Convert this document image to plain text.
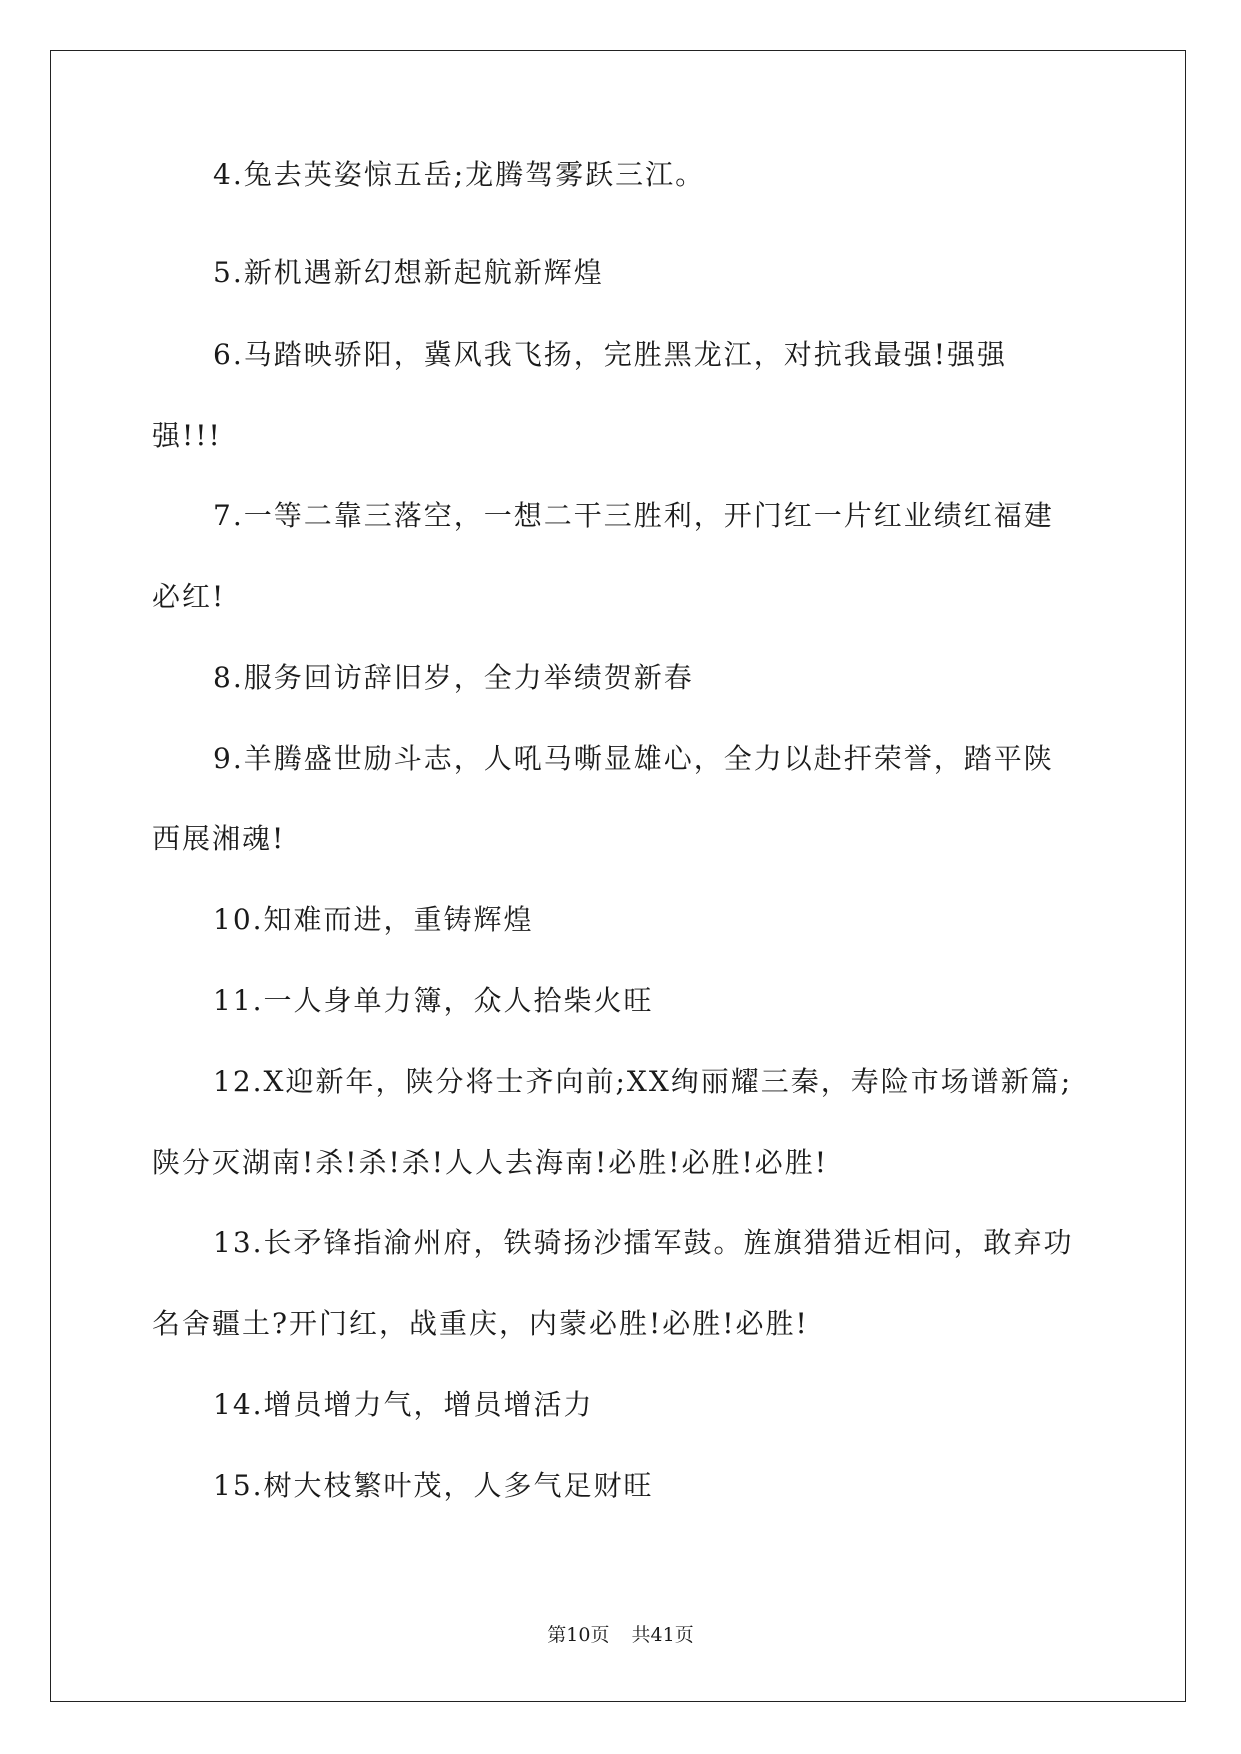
4.兔去英姿惊五岳;龙腾驾雾跃三江。
5.新机遇新幻想新起航新辉煌
6.马踏映骄阳，冀风我飞扬，完胜黑龙江，对抗我最强!强强
强!!!
7.一等二靠三落空，一想二干三胜利，开门红一片红业绩红福建
必红!
8.服务回访辞旧岁，全力举绩贺新春
9.羊腾盛世励斗志，人吼马嘶显雄心，全力以赴扞荣誉，踏平陕
西展湘魂!
10.知难而进，重铸辉煌
11.一人身单力簿，众人拾柴火旺
12.X迎新年，陕分将士齐向前;XX绚丽耀三秦，寿险市场谱新篇;
陕分灭湖南!杀!杀!杀!人人去海南!必胜!必胜!必胜!
13.长矛锋指渝州府，铁骑扬沙擂军鼓。旌旗猎猎近相问，敢弃功
名舍疆土?开门红，战重庆，内蒙必胜!必胜!必胜!
14.增员增力气，增员增活力
15.树大枝繁叶茂，人多气足财旺
第10页 共41页
